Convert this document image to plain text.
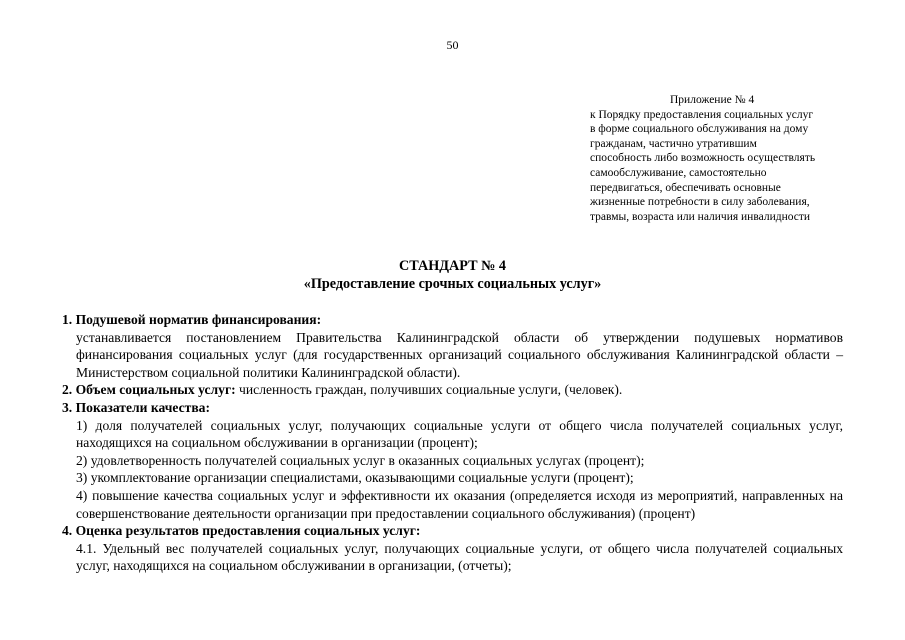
50
Приложение № 4
к Порядку предоставления социальных услуг
в форме социального обслуживания на дому
гражданам, частично утратившим
способность либо возможность осуществлять
самообслуживание, самостоятельно
передвигаться, обеспечивать основные
жизненные потребности в силу заболевания,
травмы, возраста или наличия инвалидности
СТАНДАРТ № 4
«Предоставление срочных социальных услуг»

1. Подушевой норматив финансирования:

устанавливается постановлением Правительства Калининградской области об утверждении подушевых нормативов финансирования социальных услуг (для государственных организаций социального обслуживания Калининградской области – Министерством социальной политики Калининградской области).

2. Объем социальных услуг: численность граждан, получивших социальные услуги, (человек).

3. Показатели качества:

1) доля получателей социальных услуг, получающих социальные услуги от общего числа получателей социальных услуг, находящихся на социальном обслуживании в организации (процент);

2) удовлетворенность получателей социальных услуг в оказанных социальных услугах (процент);

3) укомплектование организации специалистами, оказывающими социальные услуги (процент);

4) повышение качества социальных услуг и эффективности их оказания (определяется исходя из мероприятий, направленных на совершенствование деятельности организации при предоставлении социального обслуживания) (процент)

4. Оценка результатов предоставления социальных услуг:

4.1. Удельный вес получателей социальных услуг, получающих социальные услуги, от общего числа получателей социальных услуг, находящихся на социальном обслуживании в организации, (отчеты);
